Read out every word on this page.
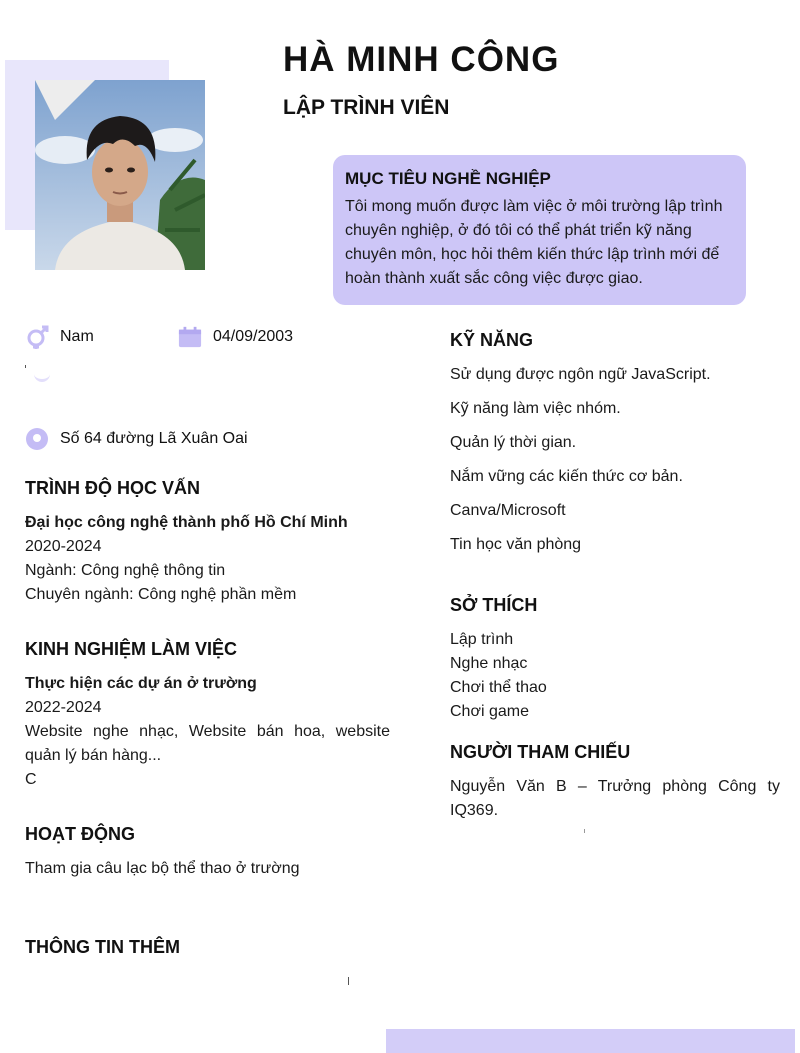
HÀ MINH CÔNG
LẬP TRÌNH VIÊN
MỤC TIÊU NGHỀ NGHIỆP

Tôi mong muốn được làm việc ở môi trường lập trình chuyên nghiệp, ở đó tôi có thể phát triển kỹ năng chuyên môn, học hỏi thêm kiến thức lập trình mới để hoàn thành xuất sắc công việc được giao.

Nam	04/09/2003
Số 64 đường Lã Xuân Oai
TRÌNH ĐỘ HỌC VẤN
Đại học công nghệ thành phố Hồ Chí Minh
2020-2024
Ngành: Công nghệ thông tin
Chuyên ngành: Công nghệ phần mềm
KINH NGHIỆM LÀM VIỆC
Thực hiện các dự án ở trường
2022-2024
Website nghe nhạc, Website bán hoa, website quản lý bán hàng...
C
HOẠT ĐỘNG
Tham gia câu lạc bộ thể thao ở trường
THÔNG TIN THÊM
KỸ NĂNG
Sử dụng được ngôn ngữ JavaScript.
Kỹ năng làm việc nhóm.
Quản lý thời gian.
Nắm vững các kiến thức cơ bản.
Canva/Microsoft
Tin học văn phòng
SỞ THÍCH
Lập trình
Nghe nhạc
Chơi thể thao
Chơi game
NGƯỜI THAM CHIẾU
Nguyễn Văn B – Trưởng phòng Công ty IQ369.
